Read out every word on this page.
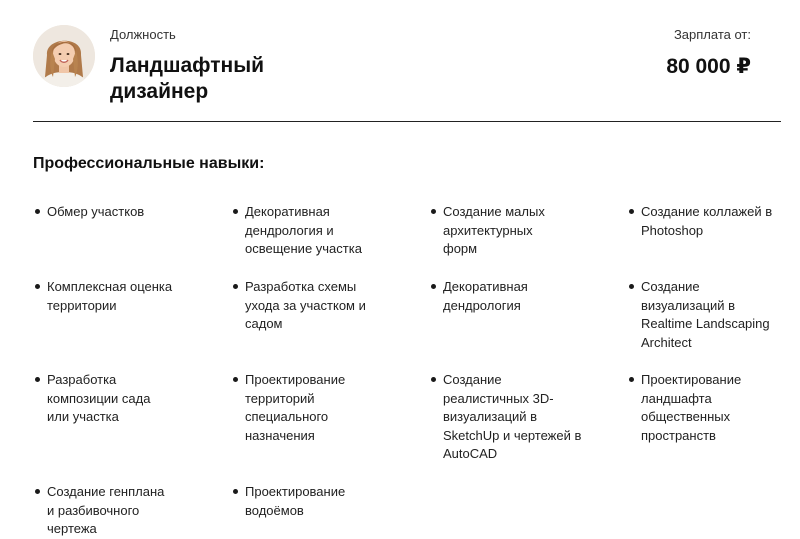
Должность
Ландшафтный дизайнер
Зарплата от:
80 000 ₽
Профессиональные навыки:
Обмер участков	Декоративная дендрология и освещение участка
Создание малых архитектурных форм
Создание коллажей в Photoshop
Комплексная оценка территории
Разработка схемы ухода за участком и садом
Декоративная дендрология
Создание визуализаций в Realtime Landscaping Architect
Разработка композиции сада или участка
Проектирование территорий специального назначения
Создание реалистичных 3D-визуализаций в SketchUp и чертежей в AutoCAD
Проектирование ландшафта общественных пространств
Создание генплана и разбивочного чертежа
Проектирование водоёмов
